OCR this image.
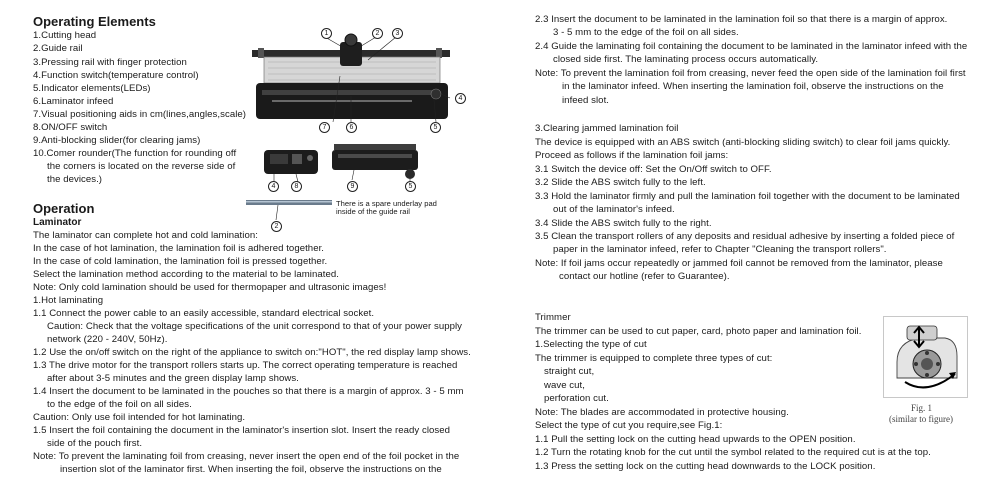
Operating Elements
1.Cutting head
2.Guide rail
3.Pressing rail with finger protection
4.Function switch(temperature control)
5.Indicator elements(LEDs)
6.Laminator infeed
7.Visual positioning aids in cm(lines,angles,scale)
8.ON/OFF switch
9.Anti-blocking slider(for clearing jams)
10.Comer rounder(The function for rounding off
the corners is located on the reverse side of
the devices.)
1	2	3
4
5
6
7
4	8	9	5
2
There is a spare underlay pad
inside of the guide rail
Operation
Laminator
The laminator can complete hot and cold lamination:
In the case of hot lamination, the lamination foil is adhered together.
In the case of cold lamination, the lamination foil is pressed together.
Select the lamination method according to the material to be laminated.
Note: Only cold lamination should be used for thermopaper and ultrasonic images!
1.Hot laminating
1.1 Connect the power cable to an easily accessible, standard electrical socket.
Caution: Check that the voltage specifications of the unit correspond to that of your power supply
network (220 - 240V, 50Hz).
1.2 Use the on/off switch on the right of the appliance to switch on:"HOT", the red display lamp shows.
1.3 The drive motor for the transport rollers starts up. The correct operating temperature is reached
after about 3-5 minutes and the green display lamp shows.
1.4 Insert the document to be laminated in the pouches so that there is a margin of approx. 3 - 5 mm
to the edge of the foil on all sides.
Caution: Only use foil intended for hot laminating.
1.5 Insert the foil containing the document in the laminator's insertion slot. Insert the ready closed
side of the pouch first.
Note: To prevent the laminating foil from creasing, never insert the open end of the foil pocket in the
insertion slot of the laminator first. When inserting the foil, observe the instructions on the
2.3 Insert the document to be laminated in the lamination foil so that there is a margin of approx.
3 - 5 mm to the edge of the foil on all sides.
2.4 Guide the laminating foil containing the document to be laminated in the laminator infeed with the
closed side first. The laminating process occurs automatically.
Note: To prevent the lamination foil from creasing, never feed the open side of the lamination foil first
in the laminator infeed. When inserting the lamination foil, observe the instructions on the
infeed slot.
3.Clearing jammed lamination foil
The device is equipped with an ABS switch (anti-blocking sliding switch) to clear foil jams quickly.
Proceed as follows if the lamination foil jams:
3.1 Switch the device off: Set the On/Off switch to OFF.
3.2 Slide the ABS switch fully to the left.
3.3 Hold the laminator firmly and pull the lamination foil together with the document to be laminated
out of the laminator's infeed.
3.4 Slide the ABS switch fully to the right.
3.5 Clean the transport rollers of any deposits and residual adhesive by inserting a folded piece of
paper in the laminator infeed, refer to Chapter "Cleaning the transport rollers".
Note: If foil jams occur repeatedly or jammed foil cannot be removed from the laminator, please
contact our hotline (refer to Guarantee).
Trimmer
The trimmer can be used to cut paper, card, photo paper and lamination foil.
1.Selecting the type of cut
The trimmer is equipped to complete three types of cut:
straight cut,
wave cut,
perforation cut.
Note: The blades are accommodated in protective housing.
Select the type of cut you require,see Fig.1:
1.1 Pull the setting lock on the cutting head upwards to the OPEN position.
1.2 Turn the rotating knob for the cut until the symbol related to the required cut is at the top.
1.3 Press the setting lock on the cutting head downwards to the LOCK position.
Fig. 1
(similar to figure)
